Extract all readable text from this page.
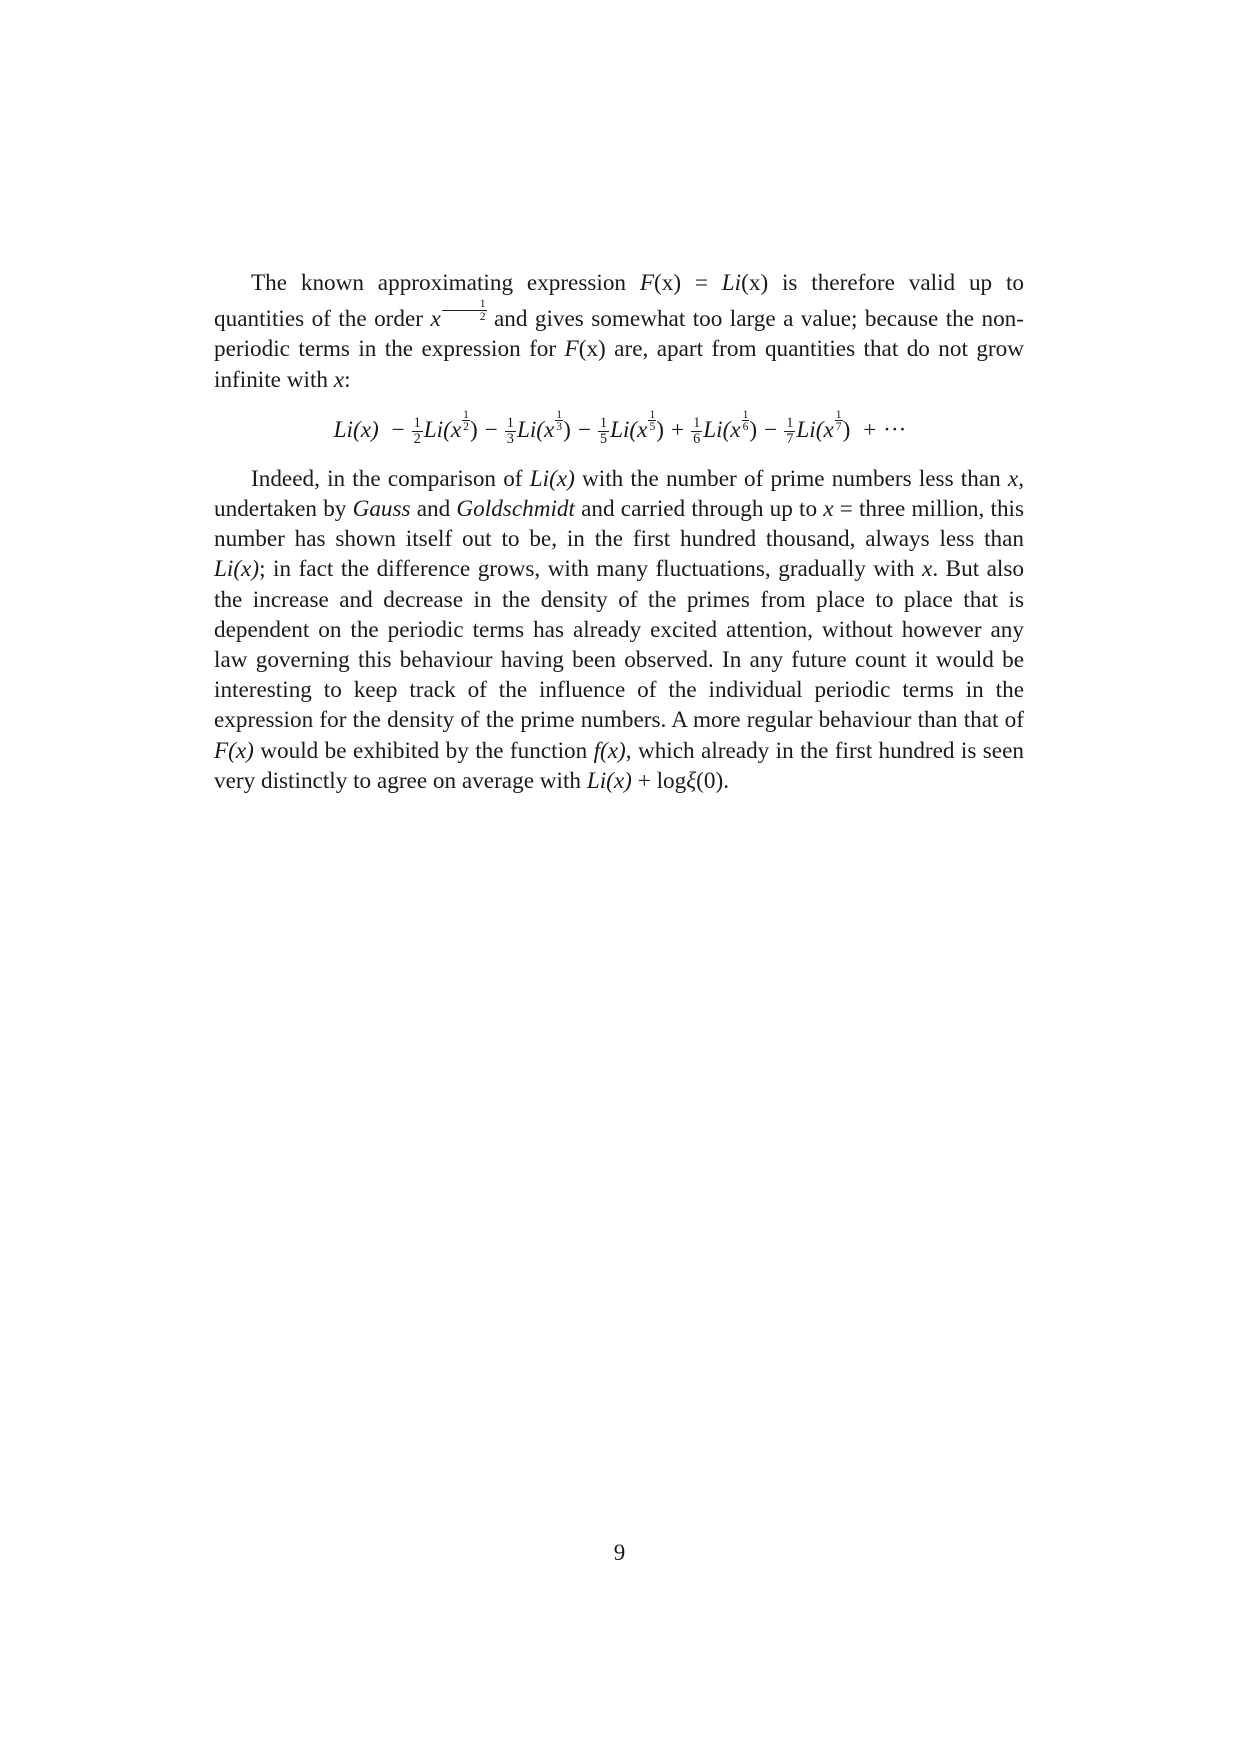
The known approximating expression F(x) = Li(x) is therefore valid up to quantities of the order x $\frac{1}{2}$ and gives somewhat too large a value; because the non-periodic terms in the expression for F(x) are, apart from quantities that do not grow infinite with x:

$Li(x) - \frac{1}{2} Li(x \frac{1}{2}$ ) − $\frac{1}{3} Li(x \frac{1}{3}$ ) − $\frac{1}{5} Li(x \frac{1}{5}$ ) + $\frac{1}{6} Li(x \frac{1}{6}$ ) − $\frac{1}{7} Li(x \frac{1}{7}$ ) + ···

Indeed, in the comparison of Li(x) with the number of prime numbers less than x, undertaken by Gauss and Goldschmidt and carried through up to x = three million, this number has shown itself out to be, in the first hundred thousand, always less than Li(x); in fact the difference grows, with many fluctuations, gradually with x. But also the increase and decrease in the density of the primes from place to place that is dependent on the periodic terms has already excited attention, without however any law governing this behaviour having been observed. In any future count it would be interesting to keep track of the influence of the individual periodic terms in the expression for the density of the prime numbers. A more regular behaviour than that of F(x) would be exhibited by the function f(x), which already in the first hundred is seen very distinctly to agree on average with Li(x) + logξ(0).

9
